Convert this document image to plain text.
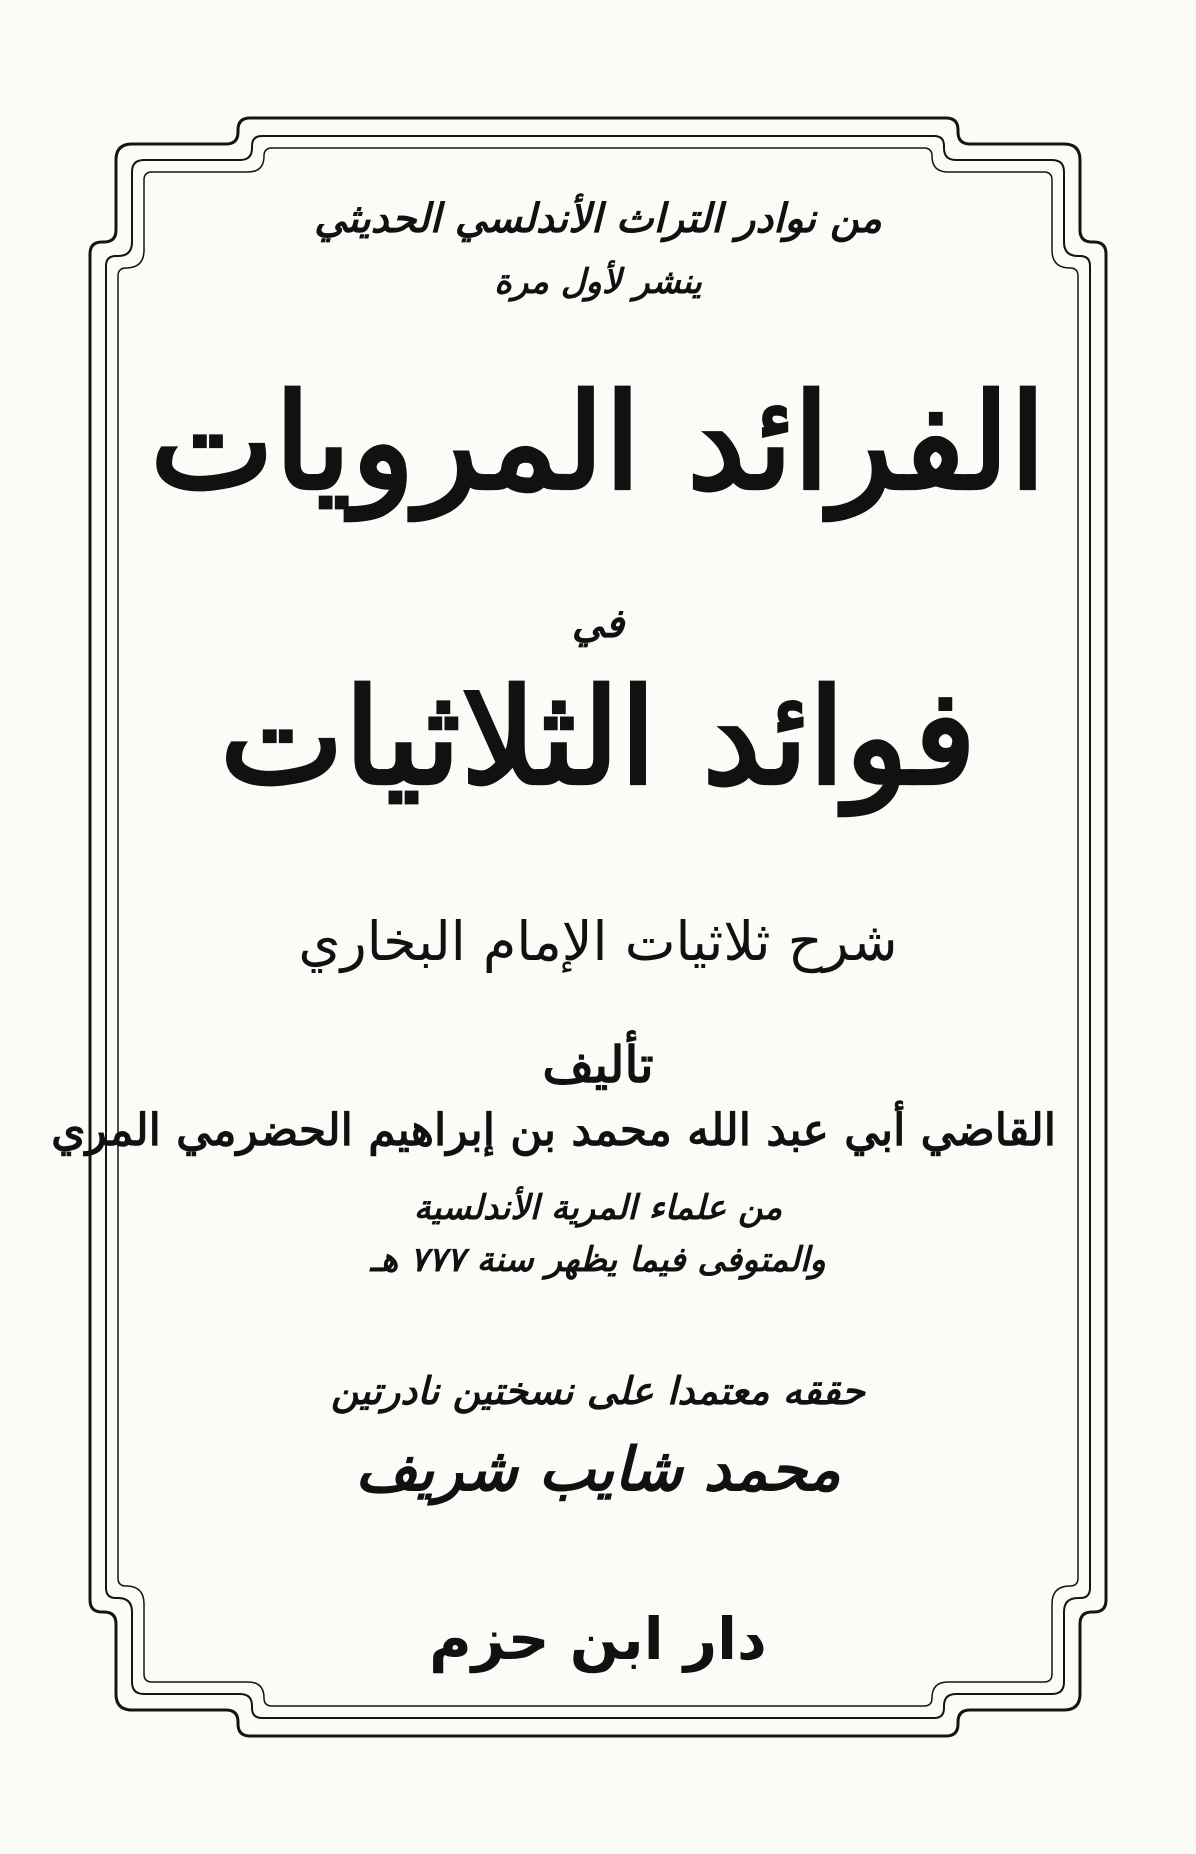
من نوادر التراث الأندلسي الحديثي
ينشر لأول مرة
الفرائد المرويات
في
فوائد الثلاثيات
شرح ثلاثيات الإمام البخاري
تأليف
القاضي أبي عبد الله محمد بن إبراهيم الحضرمي المري
من علماء المرية الأندلسية
والمتوفى فيما يظهر سنة ٧٧٧ هـ
حققه معتمدا على نسختين نادرتين
محمد شايب شريف
دار ابن حزم
